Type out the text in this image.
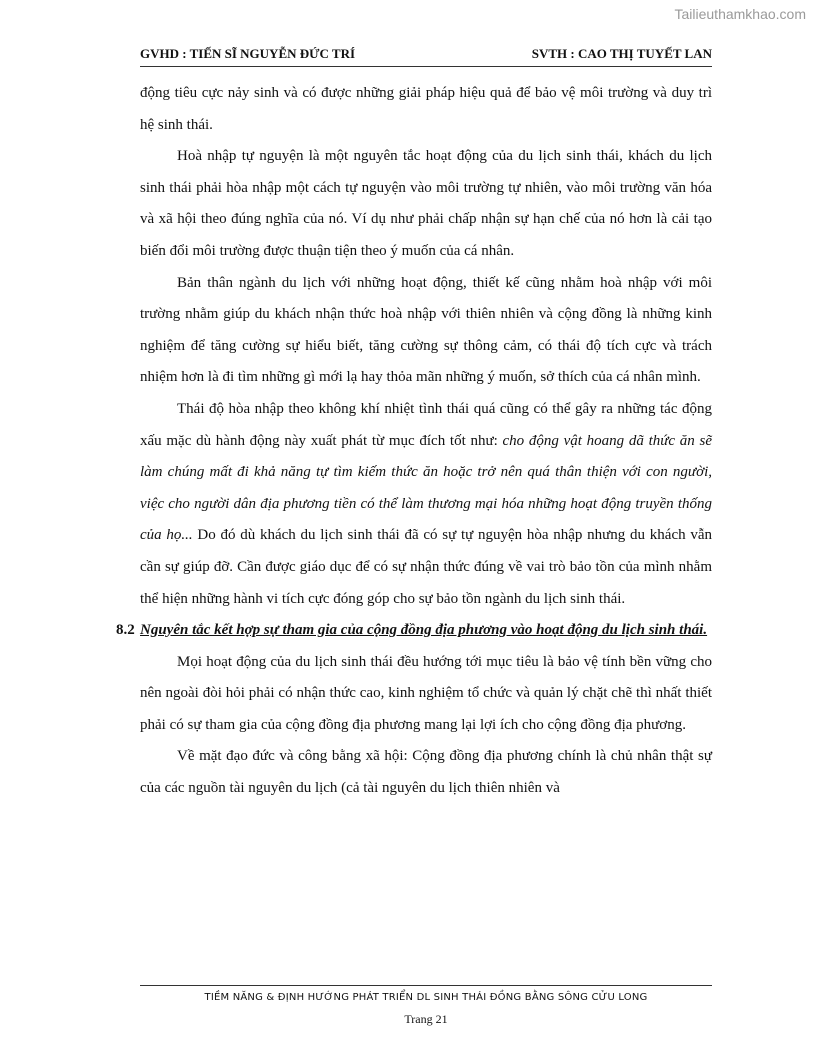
Tailieuthamkhao.com
GVHD : TIẾN SĨ NGUYỄN ĐỨC TRÍ	SVTH : CAO THỊ TUYẾT LAN

động tiêu cực nảy sinh và có được những giải pháp hiệu quả để bảo vệ môi trường và duy trì hệ sinh thái.

Hoà nhập tự nguyện là một nguyên tắc hoạt động của du lịch sinh thái, khách du lịch sinh thái phải hòa nhập một cách tự nguyện vào môi trường tự nhiên, vào môi trường văn hóa và xã hội theo đúng nghĩa của nó. Ví dụ như phải chấp nhận sự hạn chế của nó hơn là cải tạo biến đổi môi trường được thuận tiện theo ý muốn của cá nhân.

Bản thân ngành du lịch với những hoạt động, thiết kế cũng nhằm hoà nhập với môi trường nhằm giúp du khách nhận thức hoà nhập với thiên nhiên và cộng đồng là những kinh nghiệm để tăng cường sự hiểu biết, tăng cường sự thông cảm, có thái độ tích cực và trách nhiệm hơn là đi tìm những gì mới lạ hay thỏa mãn những ý muốn, sở thích của cá nhân mình.

Thái độ hòa nhập theo không khí nhiệt tình thái quá cũng có thể gây ra những tác động xấu mặc dù hành động này xuất phát từ mục đích tốt như: cho động vật hoang dã thức ăn sẽ làm chúng mất đi khả năng tự tìm kiếm thức ăn hoặc trở nên quá thân thiện với con người, việc cho người dân địa phương tiền có thể làm thương mại hóa những hoạt động truyền thống của họ... Do đó dù khách du lịch sinh thái đã có sự tự nguyện hòa nhập nhưng du khách vẫn cần sự giúp đỡ. Cần được giáo dục để có sự nhận thức đúng về vai trò bảo tồn của mình nhằm thể hiện những hành vi tích cực đóng góp cho sự bảo tồn ngành du lịch sinh thái.

8.2 Nguyên tắc kết hợp sự tham gia của cộng đồng địa phương vào hoạt động du lịch sinh thái.

Mọi hoạt động của du lịch sinh thái đều hướng tới mục tiêu là bảo vệ tính bền vững cho nên ngoài đòi hỏi phải có nhận thức cao, kinh nghiệm tổ chức và quản lý chặt chẽ thì nhất thiết phải có sự tham gia của cộng đồng địa phương mang lại lợi ích cho cộng đồng địa phương.

Về mặt đạo đức và công bằng xã hội: Cộng đồng địa phương chính là chủ nhân thật sự của các nguồn tài nguyên du lịch (cả tài nguyên du lịch thiên nhiên và

TIỀM NĂNG & ĐỊNH HƯỚNG PHÁT TRIỂN DL SINH THÁI ĐỒNG BẰNG SÔNG CỬU LONG
Trang 21
